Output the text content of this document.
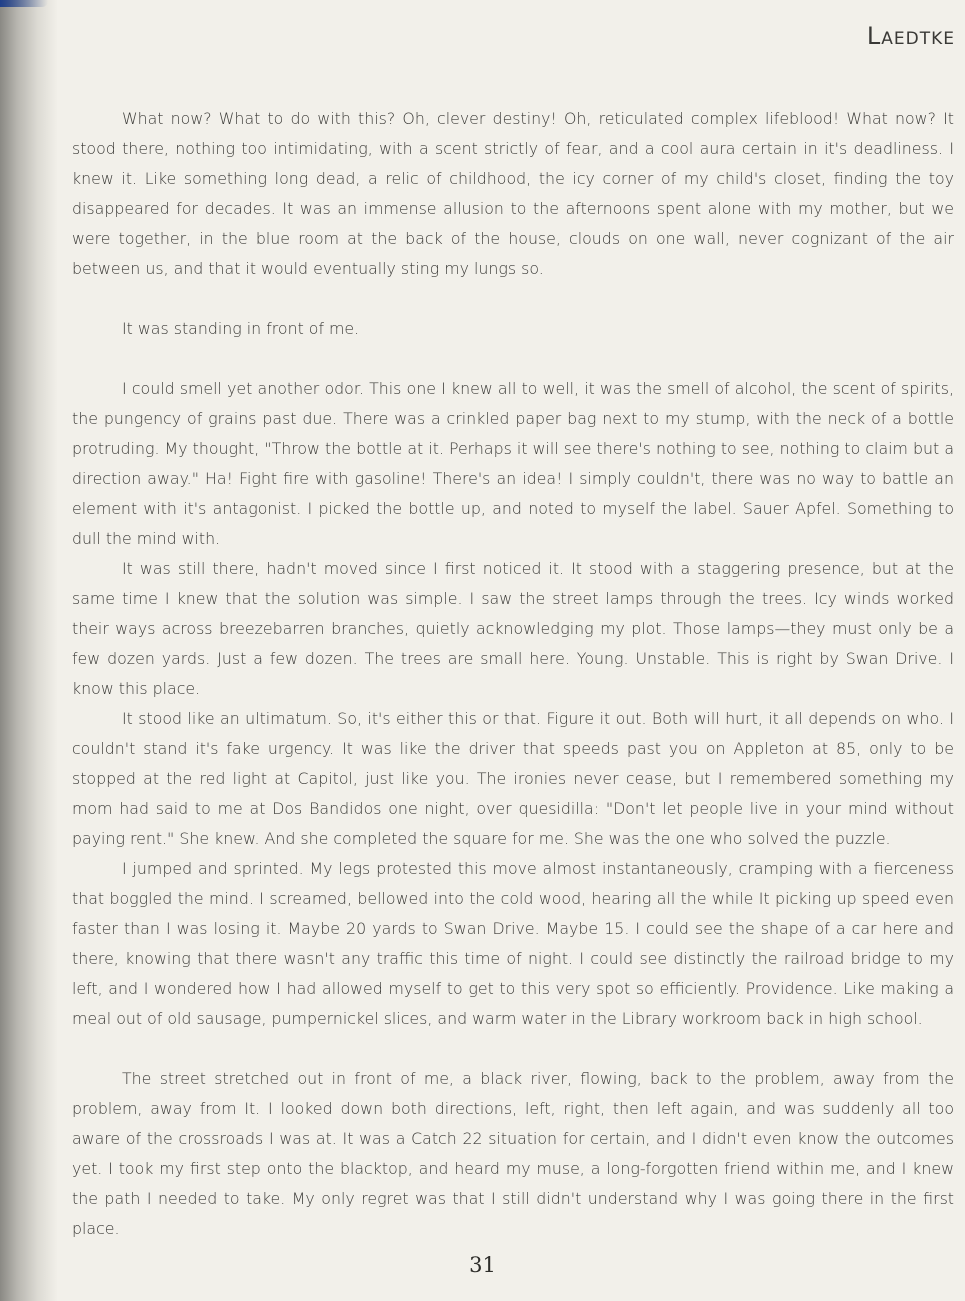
Laedtke

What now? What to do with this? Oh, clever destiny! Oh, reticulated complex lifeblood! What now? It stood there, nothing too intimidating, with a scent strictly of fear, and a cool aura certain in it's deadliness. I knew it. Like something long dead, a relic of childhood, the icy corner of my child's closet, finding the toy disappeared for decades. It was an immense allusion to the afternoons spent alone with my mother, but we were together, in the blue room at the back of the house, clouds on one wall, never cognizant of the air between us, and that it would eventually sting my lungs so.

It was standing in front of me.

I could smell yet another odor. This one I knew all to well, it was the smell of alcohol, the scent of spirits, the pungency of grains past due. There was a crinkled paper bag next to my stump, with the neck of a bottle protruding. My thought, "Throw the bottle at it. Perhaps it will see there's nothing to see, nothing to claim but a direction away." Ha! Fight fire with gasoline! There's an idea! I simply couldn't, there was no way to battle an element with it's antagonist. I picked the bottle up, and noted to myself the label. Sauer Apfel. Something to dull the mind with.

It was still there, hadn't moved since I first noticed it. It stood with a staggering presence, but at the same time I knew that the solution was simple. I saw the street lamps through the trees. Icy winds worked their ways across breezebarren branches, quietly acknowledging my plot. Those lamps—they must only be a few dozen yards. Just a few dozen. The trees are small here. Young. Unstable. This is right by Swan Drive. I know this place.

It stood like an ultimatum. So, it's either this or that. Figure it out. Both will hurt, it all depends on who. I couldn't stand it's fake urgency. It was like the driver that speeds past you on Appleton at 85, only to be stopped at the red light at Capitol, just like you. The ironies never cease, but I remembered something my mom had said to me at Dos Bandidos one night, over quesidilla: "Don't let people live in your mind without paying rent." She knew. And she completed the square for me. She was the one who solved the puzzle.

I jumped and sprinted. My legs protested this move almost instantaneously, cramping with a fierceness that boggled the mind. I screamed, bellowed into the cold wood, hearing all the while It picking up speed even faster than I was losing it. Maybe 20 yards to Swan Drive. Maybe 15. I could see the shape of a car here and there, knowing that there wasn't any traffic this time of night. I could see distinctly the railroad bridge to my left, and I wondered how I had allowed myself to get to this very spot so efficiently. Providence. Like making a meal out of old sausage, pumpernickel slices, and warm water in the Library workroom back in high school.

The street stretched out in front of me, a black river, flowing, back to the problem, away from the problem, away from It. I looked down both directions, left, right, then left again, and was suddenly all too aware of the crossroads I was at. It was a Catch 22 situation for certain, and I didn't even know the outcomes yet. I took my first step onto the blacktop, and heard my muse, a long-forgotten friend within me, and I knew the path I needed to take. My only regret was that I still didn't understand why I was going there in the first place.

31
